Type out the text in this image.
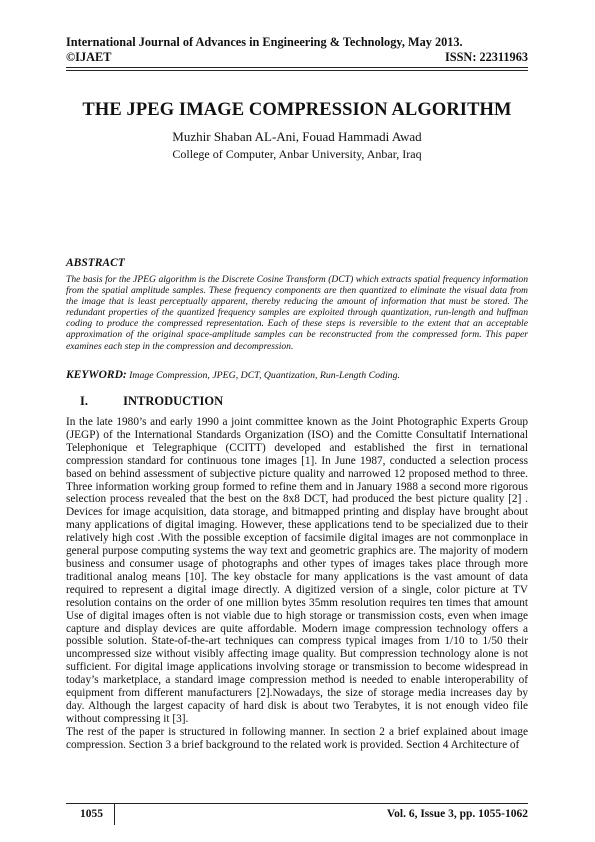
International Journal of Advances in Engineering & Technology, May 2013.
©IJAET	ISSN: 22311963
THE JPEG IMAGE COMPRESSION ALGORITHM
Muzhir Shaban AL-Ani, Fouad Hammadi Awad
College of Computer, Anbar University, Anbar, Iraq
ABSTRACT
The basis for the JPEG algorithm is the Discrete Cosine Transform (DCT) which extracts spatial frequency information from the spatial amplitude samples. These frequency components are then quantized to eliminate the visual data from the image that is least perceptually apparent, thereby reducing the amount of information that must be stored. The redundant properties of the quantized frequency samples are exploited through quantization, run-length and huffman coding to produce the compressed representation. Each of these steps is reversible to the extent that an acceptable approximation of the original space-amplitude samples can be reconstructed from the compressed form. This paper examines each step in the compression and decompression.
KEYWORD: Image Compression, JPEG, DCT, Quantization, Run-Length Coding.
I.	INTRODUCTION

In the late 1980’s and early 1990 a joint committee known as the Joint Photographic Experts Group (JEGP) of the International Standards Organization (ISO) and the Comitte Consultatif International Telephonique et Telegraphique (CCITT) developed and established the first in ternational compression standard for continuous tone images [1]. In June 1987, conducted a selection process based on behind assessment of subjective picture quality and narrowed 12 proposed method to three. Three information working group formed to refine them and in January 1988 a second more rigorous selection process revealed that the best on the 8x8 DCT, had produced the best picture quality [2] . Devices for image acquisition, data storage, and bitmapped printing and display have brought about many applications of digital imaging. However, these applications tend to be specialized due to their relatively high cost .With the possible exception of facsimile digital images are not commonplace in general purpose computing systems the way text and geometric graphics are. The majority of modern business and consumer usage of photographs and other types of images takes place through more traditional analog means [10]. The key obstacle for many applications is the vast amount of data required to represent a digital image directly. A digitized version of a single, color picture at TV resolution contains on the order of one million bytes 35mm resolution requires ten times that amount Use of digital images often is not viable due to high storage or transmission costs, even when image capture and display devices are quite affordable. Modern image compression technology offers a possible solution. State-of-the-art techniques can compress typical images from 1/10 to 1/50 their uncompressed size without visibly affecting image quality. But compression technology alone is not sufficient. For digital image applications involving storage or transmission to become widespread in today’s marketplace, a standard image compression method is needed to enable interoperability of equipment from different manufacturers [2].Nowadays, the size of storage media increases day by day. Although the largest capacity of hard disk is about two Terabytes, it is not enough video file without compressing it [3].

The rest of the paper is structured in following manner. In section 2 a brief explained about image compression. Section 3 a brief background to the related work is provided. Section 4 Architecture of

1055	Vol. 6, Issue 3, pp. 1055-1062
